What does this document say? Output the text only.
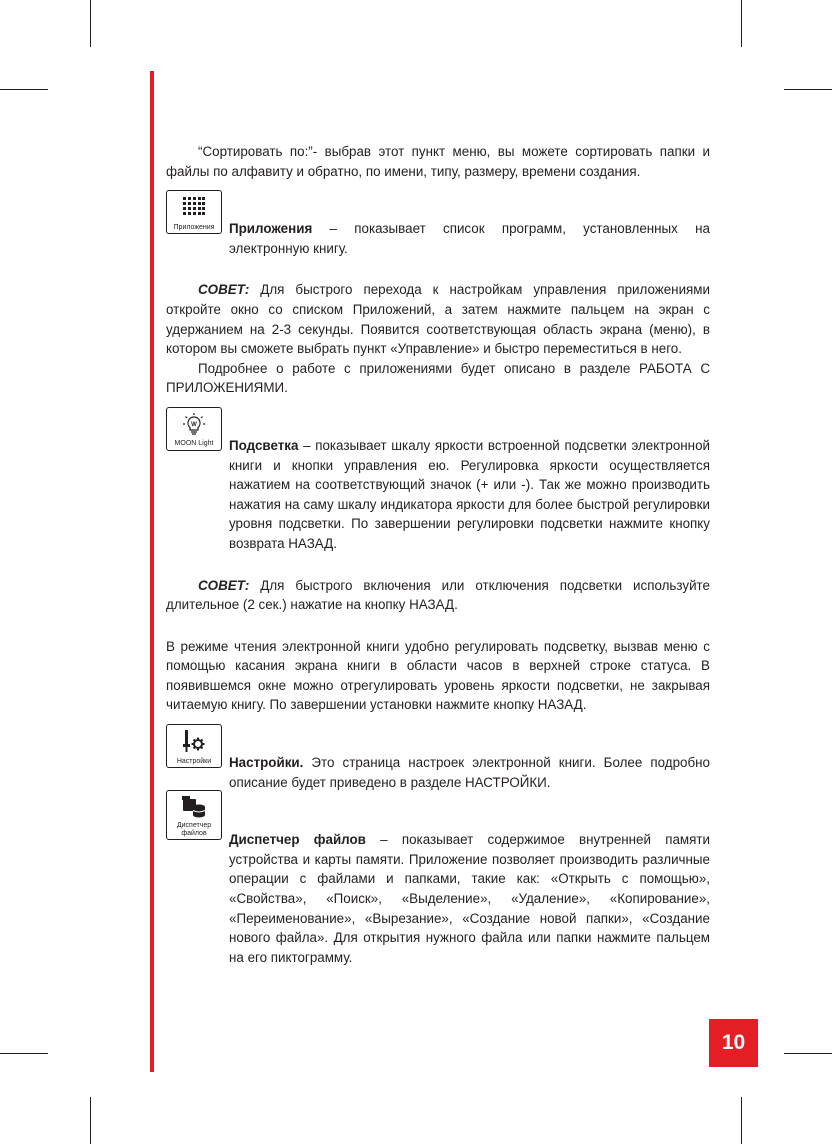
“Сортировать по:”- выбрав этот пункт меню, вы можете сортировать папки и файлы по алфавиту и обратно, по имени, типу, размеру, времени создания.

Приложения	Приложения – показывает список программ, установленных на электронную книгу.

СОВЕТ: Для быстрого перехода к настройкам управления приложениями откройте окно со списком Приложений, а затем нажмите пальцем на экран с удержанием на 2-3 секунды. Появится соответствующая область экрана (меню), в котором вы сможете выбрать пункт «Управление» и быстро переместиться в него.

Подробнее о работе с приложениями будет описано в разделе РАБОТА С ПРИЛОЖЕНИЯМИ.

W
MOON Light	Подсветка – показывает шкалу яркости встроенной подсветки электронной книги и кнопки управления ею. Регулировка яркости осуществляется нажатием на соответствующий значок (+ или -). Так же можно производить нажатия на саму шкалу индикатора яркости для более быстрой регулировки уровня подсветки. По завершении регулировки подсветки нажмите кнопку возврата НАЗАД.

СОВЕТ: Для быстрого включения или отключения подсветки используйте длительное (2 сек.) нажатие на кнопку НАЗАД.

В режиме чтения электронной книги удобно регулировать подсветку, вызвав меню с помощью касания экрана книги в области часов в верхней строке статуса. В появившемся окне можно отрегулировать уровень яркости подсветки, не закрывая читаемую книгу. По завершении установки нажмите кнопку НАЗАД.

Настройки	Настройки. Это страница настроек электронной книги. Более подробно описание будет приведено в разделе НАСТРОЙКИ.

Диспетчер
файлов	Диспетчер файлов – показывает содержимое внутренней памяти устройства и карты памяти. Приложение позволяет производить различные операции с файлами и папками, такие как: «Открыть с помощью», «Свойства», «Поиск», «Выделение», «Удаление», «Копирование», «Переименование», «Вырезание», «Создание новой папки», «Создание нового файла». Для открытия нужного файла или папки нажмите пальцем на его пиктограмму.

10
